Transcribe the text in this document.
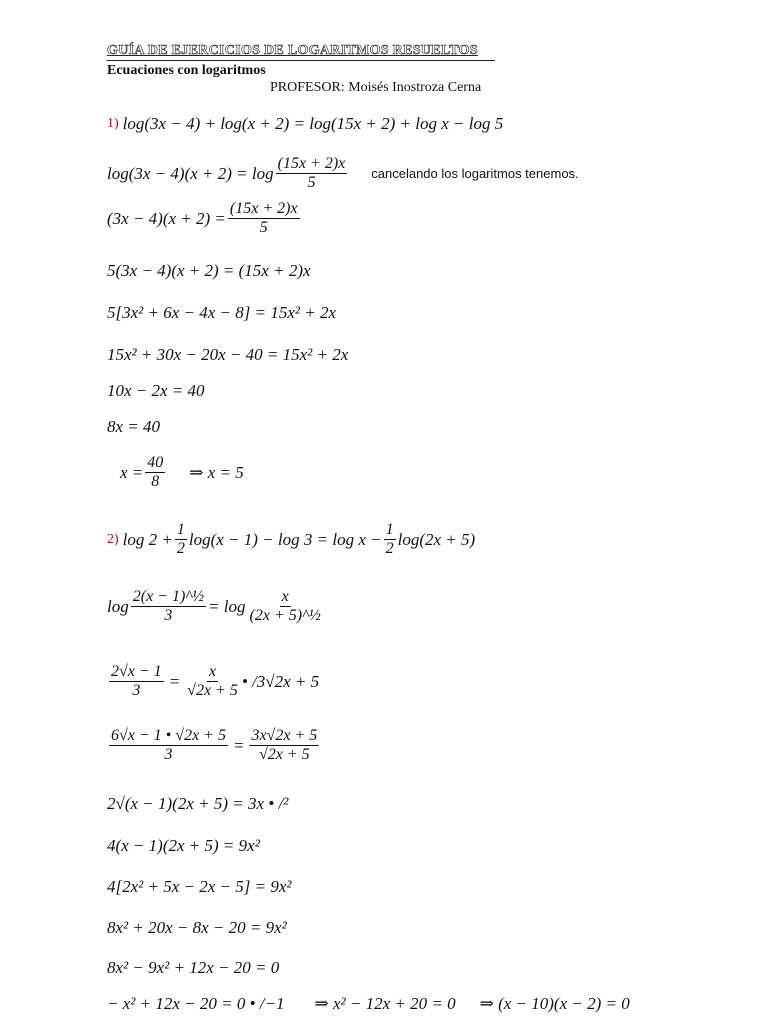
GUÍA DE EJERCICIOS DE LOGARITMOS RESUELTOS
Ecuaciones con logaritmos
PROFESOR: Moisés Inostroza Cerna
1) log(3x − 4) + log(x + 2) = log(15x + 2) + log x − log 5
$\log(3x - 4)(x + 2) = \log \frac{(15x + 2)x}{5}$ cancelando los logaritmos tenemos.
$(3x - 4)(x + 2) = \frac{(15x + 2)x}{5}$
5(3x − 4)(x + 2) = (15x + 2)x
5[3x² + 6x − 4x − 8] = 15x² + 2x
15x² + 30x − 20x − 40 = 15x² + 2x
10x − 2x = 40
8x = 40
$x = \frac{40}{8}$ ⇒ x = 5
2) $\log 2 + \frac{1}{2} \log(x - 1) - \log 3 = \log x - \frac{1}{2} \log(2x + 5)$
$\log \frac{\text{2(x − 1)\textasciicircum{}½}}{3} = \log \frac{x}{\text{(2x + 5)\textasciicircum{}½}}$
$\frac{2√x - 1}{3} = \frac{x}{√2x + 5}$ • /3√2x + 5
$\frac{6√x - 1 • √2x + 5}{3} = \frac{3x√2x + 5}{√2x + 5}$
2√(x − 1)(2x + 5) = 3x • /²
4(x − 1)(2x + 5) = 9x²
4[2x² + 5x − 2x − 5] = 9x²
8x² + 20x − 8x − 20 = 9x²
8x² − 9x² + 12x − 20 = 0
− x² + 12x − 20 = 0 • /−1 ⇒ x² − 12x + 20 = 0 ⇒ (x − 10)(x − 2) = 0
